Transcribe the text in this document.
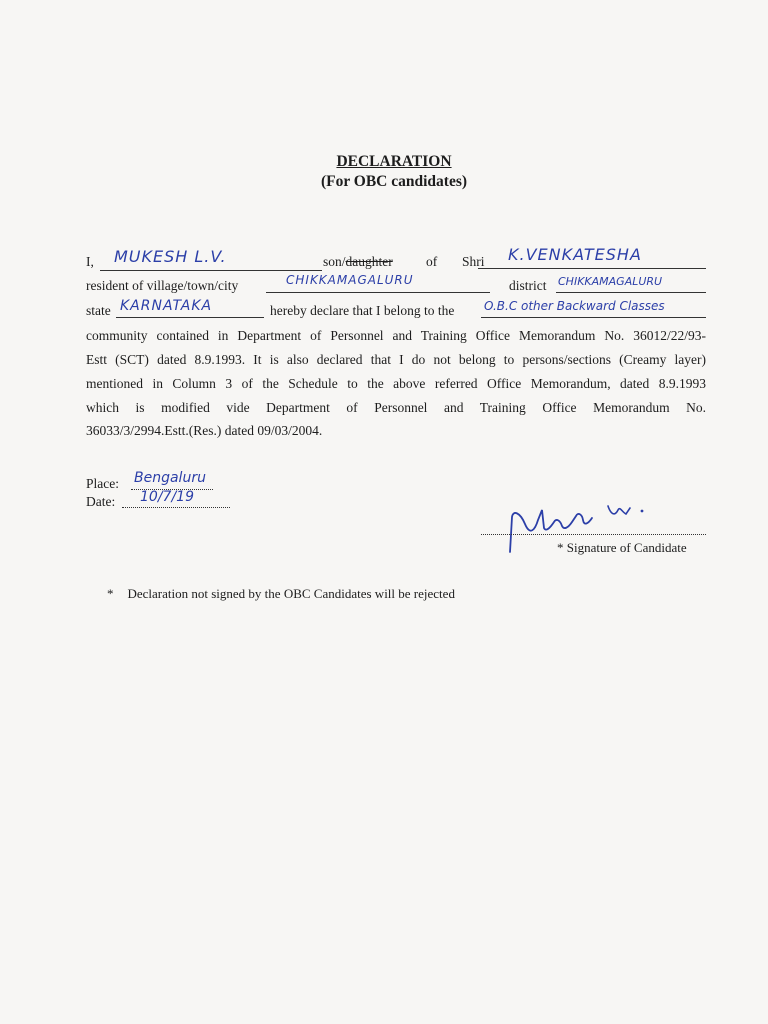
DECLARATION
(For OBC candidates)
I, MUKESH L.V.	son/daughter of Shri K.VENKATESHA
resident of village/town/city	CHIKKAMAGALURU	district CHIKKAMAGALURU
state KARNATAKA	hereby declare that I belong to the O.B.C other Backward Classes
community contained in Department of Personnel and Training Office Memorandum No. 36012/22/93-
Estt (SCT) dated 8.9.1993. It is also declared that I do not belong to persons/sections (Creamy layer)
mentioned in Column 3 of the Schedule to the above referred Office Memorandum, dated 8.9.1993
which is modified vide Department of Personnel and Training Office Memorandum No.
36033/3/2994.Estt.(Res.) dated 09/03/2004.
Place: Bengaluru
Date: 10/7/19
* Signature of Candidate
* Declaration not signed by the OBC Candidates will be rejected
